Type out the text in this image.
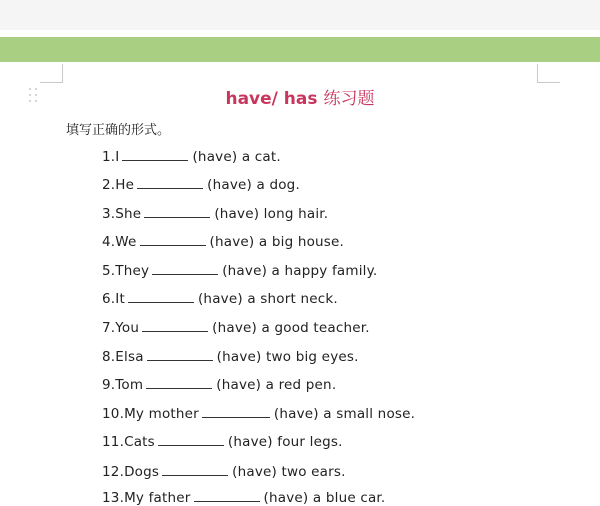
have/ has 练习题
填写正确的形式。
1.I	(have) a cat.
2.He	(have) a dog.
3.She	(have) long hair.
4.We	(have) a big house.
5.They	(have) a happy family.
6.It	(have) a short neck.
7.You	(have) a good teacher.
8.Elsa	(have) two big eyes.
9.Tom	(have) a red pen.
10.My mother	(have) a small nose.
11.Cats	(have) four legs.
12.Dogs	(have) two ears.
13.My father	(have) a blue car.
